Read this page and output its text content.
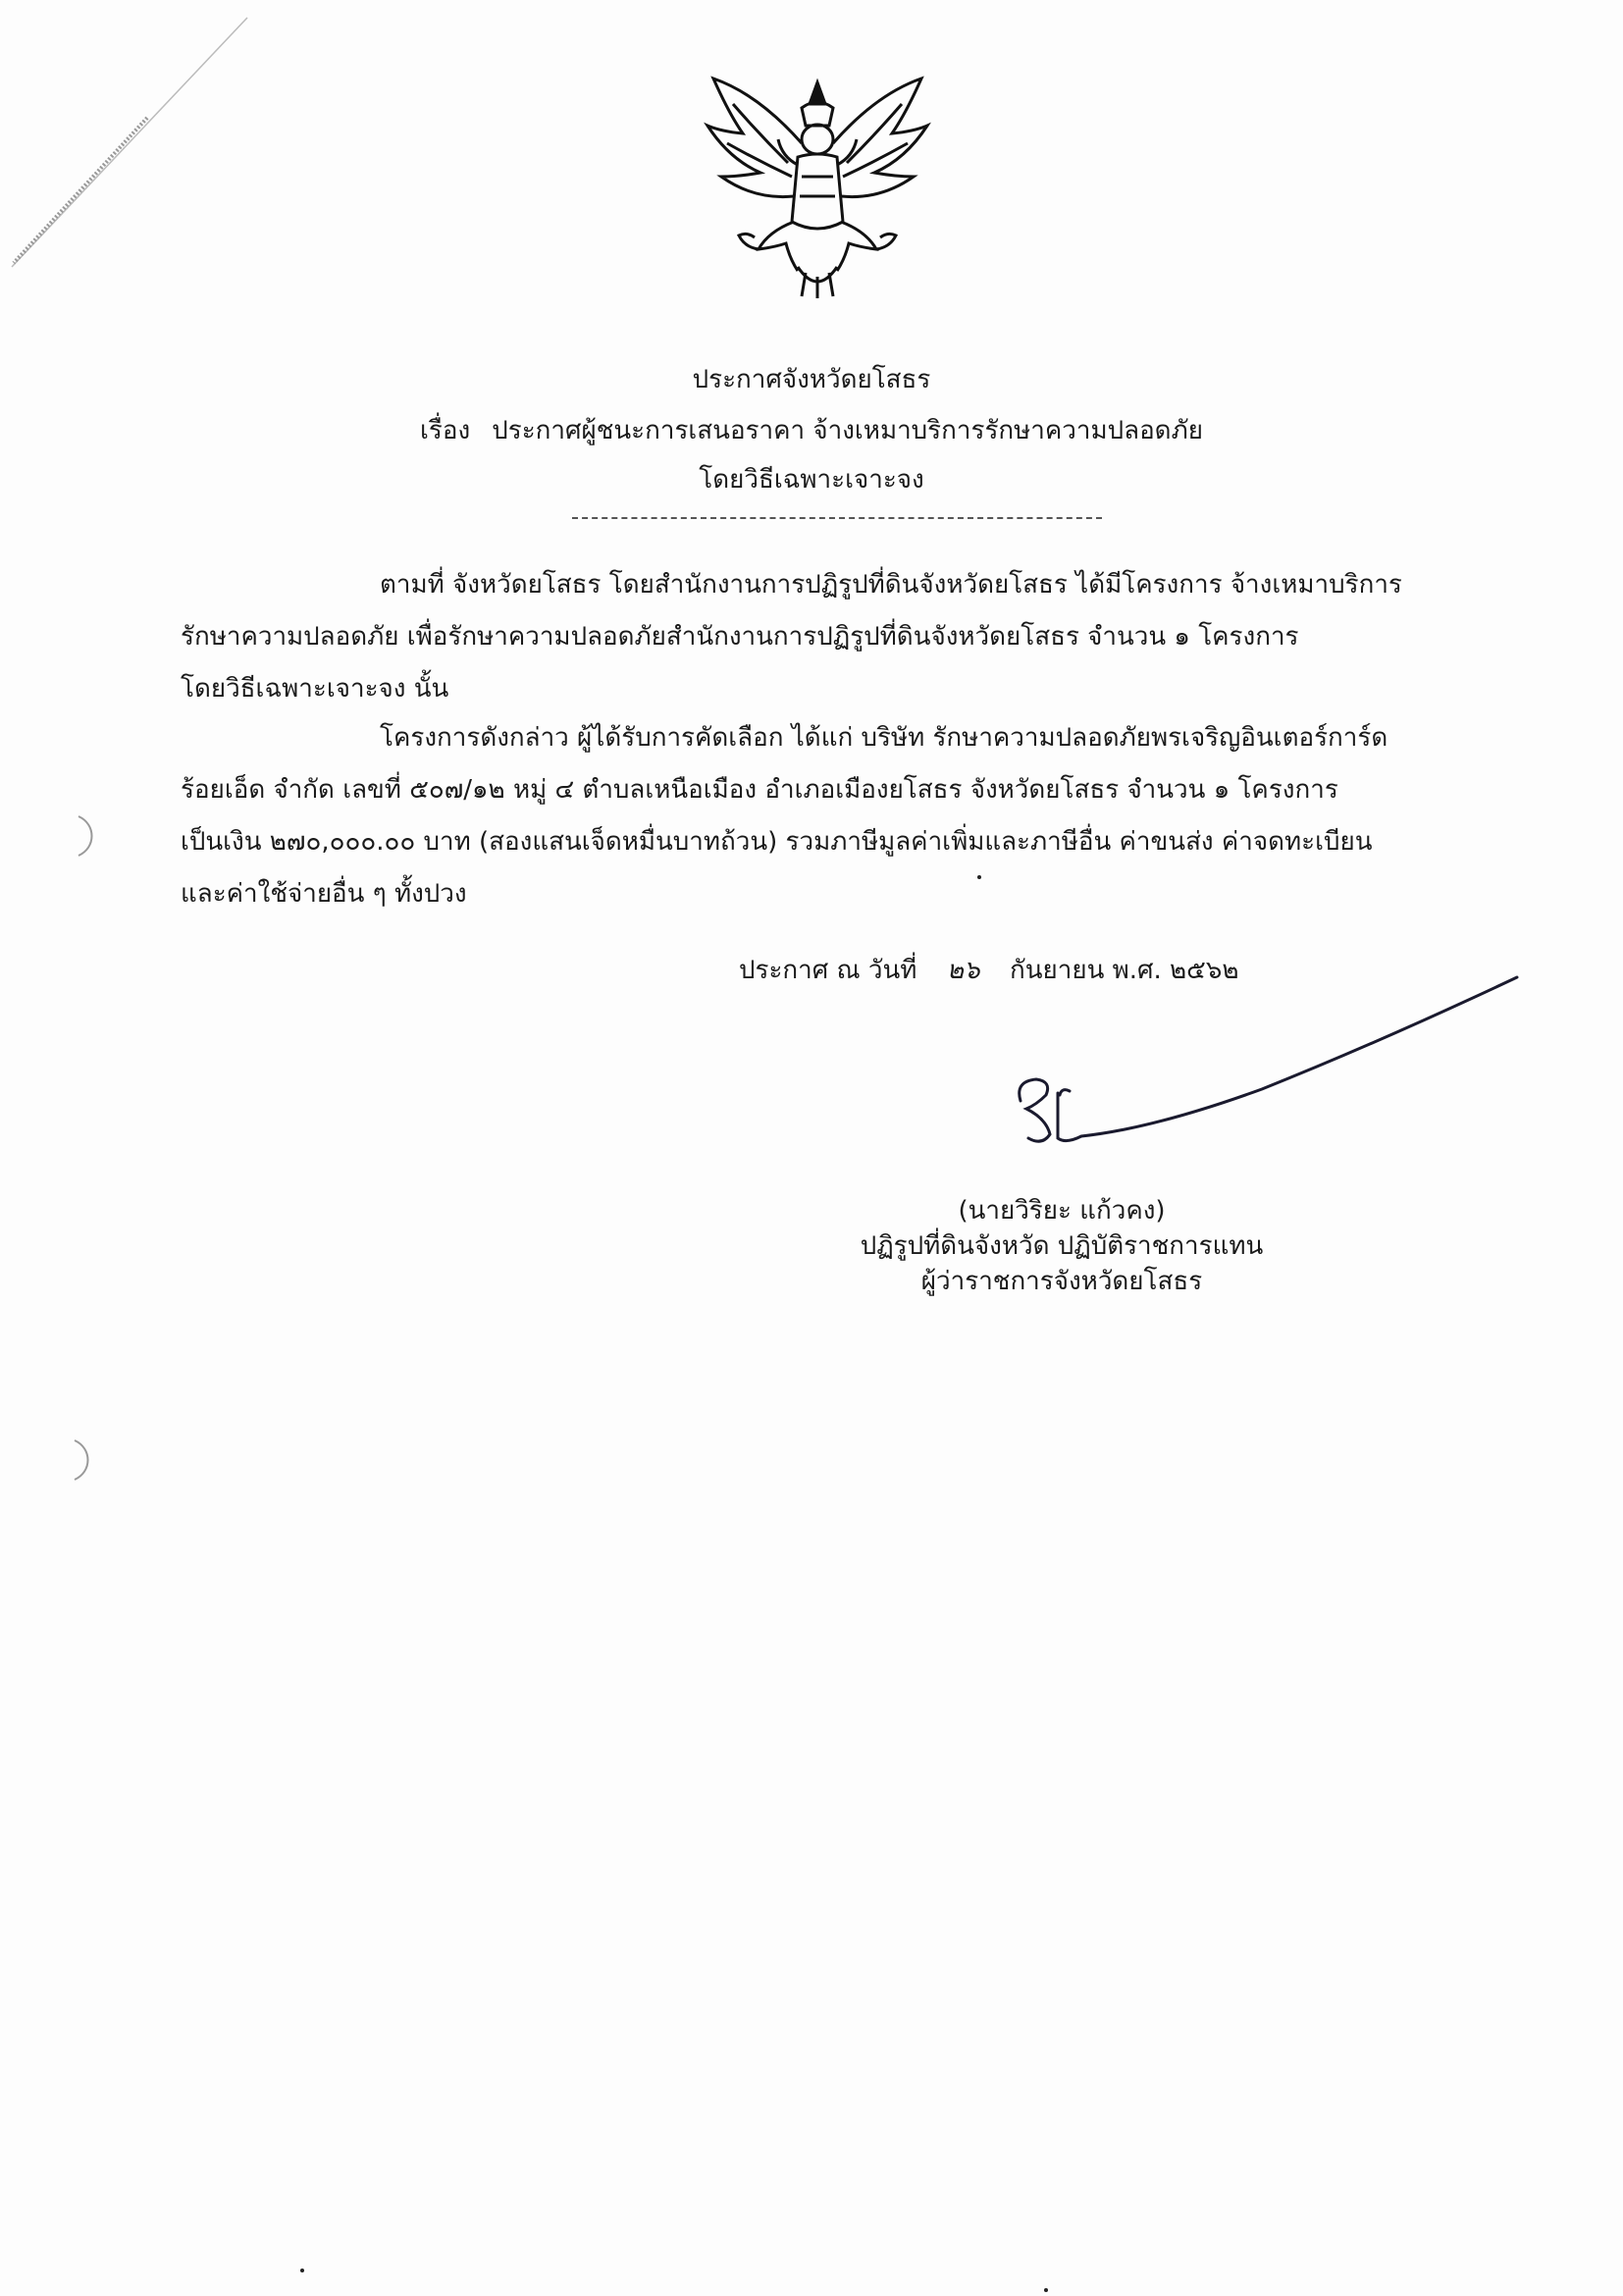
ประกาศจังหวัดยโสธร
เรื่อง ประกาศผู้ชนะการเสนอราคา จ้างเหมาบริการรักษาความปลอดภัย
โดยวิธีเฉพาะเจาะจง
ตามที่ จังหวัดยโสธร โดยสำนักงานการปฏิรูปที่ดินจังหวัดยโสธร ได้มีโครงการ จ้างเหมาบริการ
รักษาความปลอดภัย เพื่อรักษาความปลอดภัยสำนักงานการปฏิรูปที่ดินจังหวัดยโสธร จำนวน ๑ โครงการ
โดยวิธีเฉพาะเจาะจง นั้น
โครงการดังกล่าว ผู้ได้รับการคัดเลือก ได้แก่ บริษัท รักษาความปลอดภัยพรเจริญอินเตอร์การ์ด
ร้อยเอ็ด จำกัด เลขที่ ๕๐๗/๑๒ หมู่ ๔ ตำบลเหนือเมือง อำเภอเมืองยโสธร จังหวัดยโสธร จำนวน ๑ โครงการ
เป็นเงิน ๒๗๐,๐๐๐.๐๐ บาท (สองแสนเจ็ดหมื่นบาทถ้วน) รวมภาษีมูลค่าเพิ่มและภาษีอื่น ค่าขนส่ง ค่าจดทะเบียน
และค่าใช้จ่ายอื่น ๆ ทั้งปวง
ประกาศ ณ วันที่ ๒๖ กันยายน พ.ศ. ๒๕๖๒
(นายวิริยะ แก้วคง)
ปฏิรูปที่ดินจังหวัด ปฏิบัติราชการแทน
ผู้ว่าราชการจังหวัดยโสธร
